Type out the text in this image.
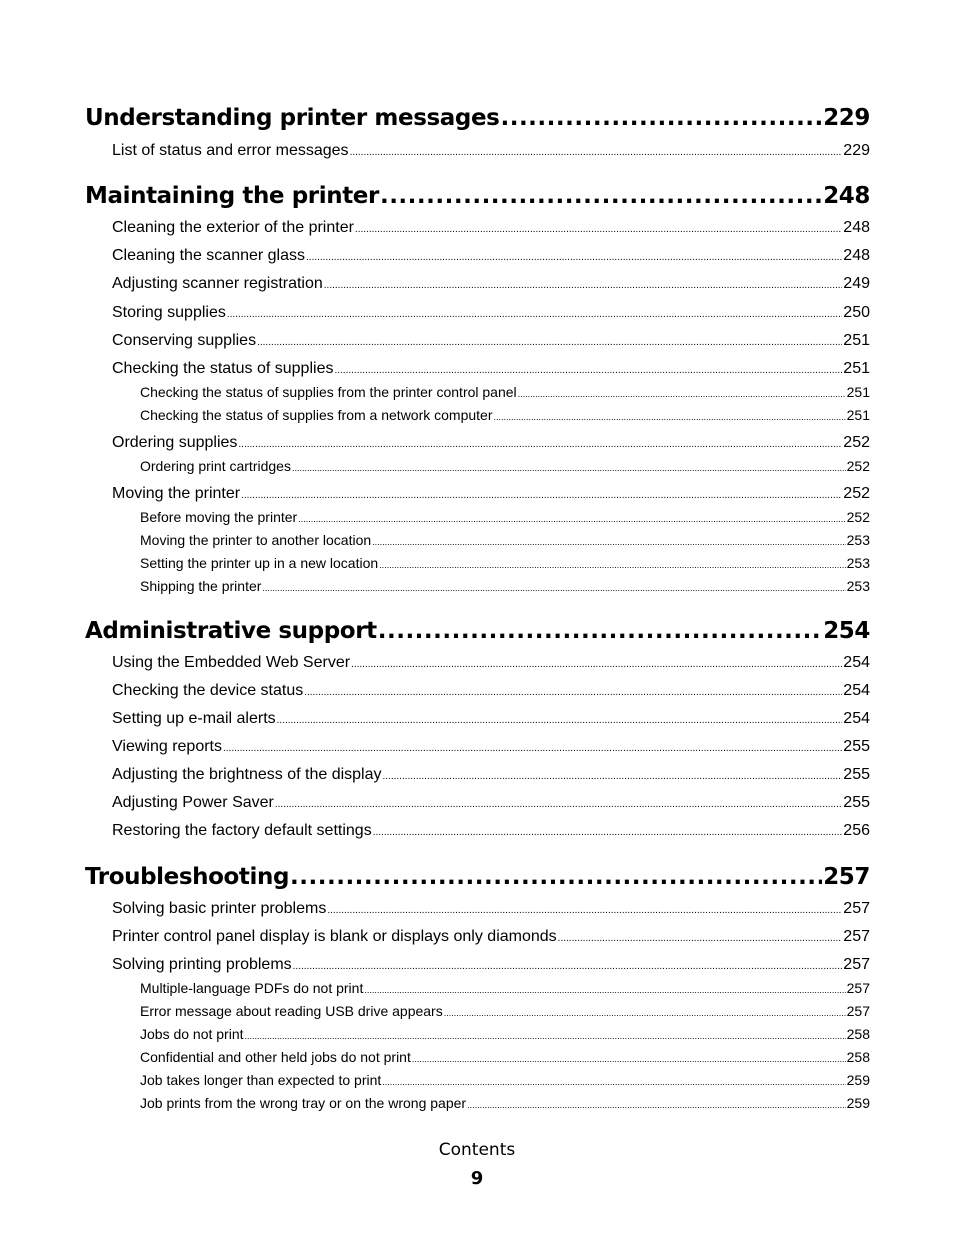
Understanding printer messages .....	229
List of status and error messages .....	229
Maintaining the printer .....	248
Cleaning the exterior of the printer .....	248
Cleaning the scanner glass .....	248
Adjusting scanner registration .....	249
Storing supplies .....	250
Conserving supplies .....	251
Checking the status of supplies .....	251
Checking the status of supplies from the printer control panel .....	251
Checking the status of supplies from a network computer .....	251
Ordering supplies .....	252
Ordering print cartridges .....	252
Moving the printer .....	252
Before moving the printer .....	252
Moving the printer to another location .....	253
Setting the printer up in a new location .....	253
Shipping the printer .....	253
Administrative support .....	254
Using the Embedded Web Server .....	254
Checking the device status .....	254
Setting up e-mail alerts .....	254
Viewing reports .....	255
Adjusting the brightness of the display .....	255
Adjusting Power Saver .....	255
Restoring the factory default settings .....	256
Troubleshooting .....	257
Solving basic printer problems .....	257
Printer control panel display is blank or displays only diamonds .....	257
Solving printing problems .....	257
Multiple-language PDFs do not print .....	257
Error message about reading USB drive appears .....	257
Jobs do not print .....	258
Confidential and other held jobs do not print .....	258
Job takes longer than expected to print .....	259
Job prints from the wrong tray or on the wrong paper .....	259
Contents
9
